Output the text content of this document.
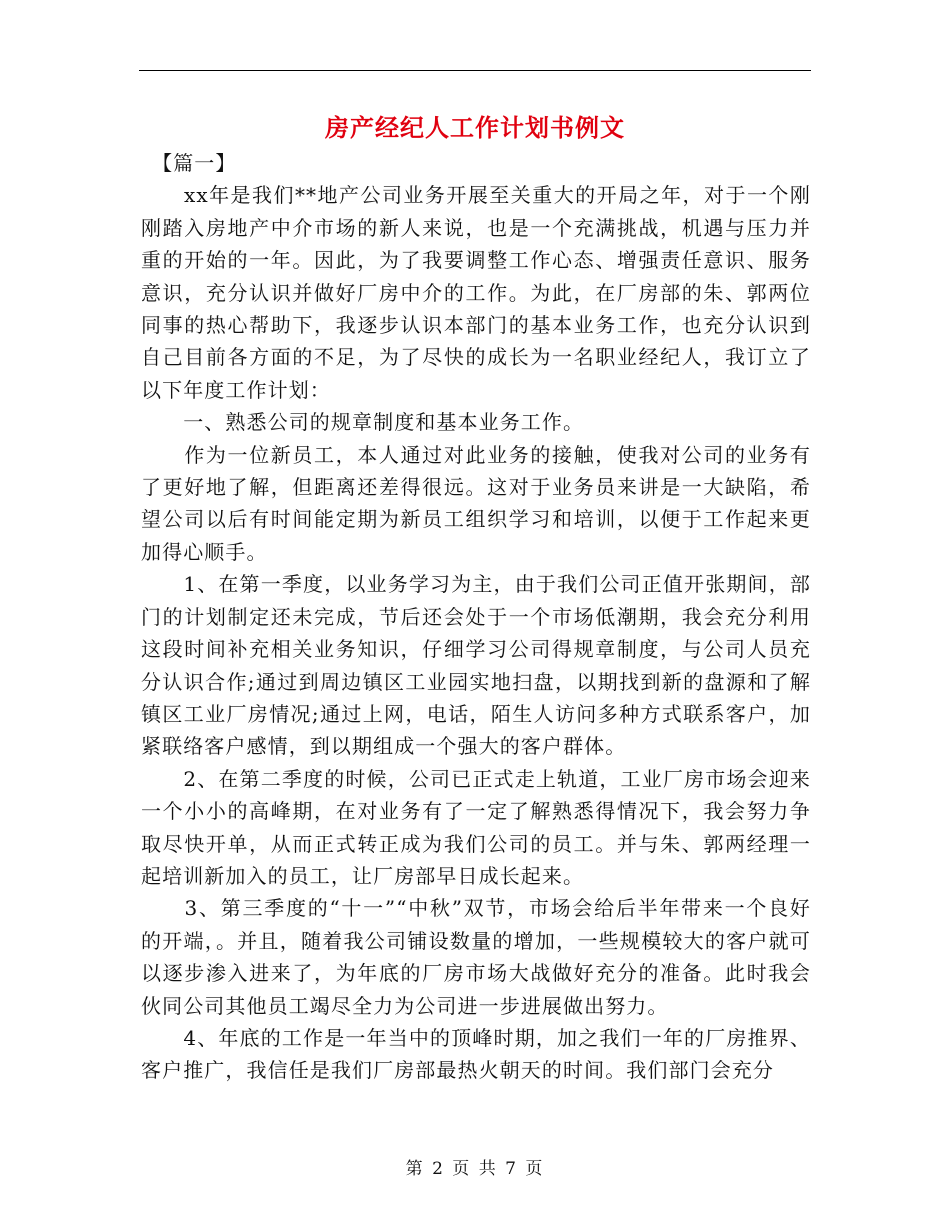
房产经纪人工作计划书例文

　【篇一】

　　xx年是我们**地产公司业务开展至关重大的开局之年，对于一个刚刚踏入房地产中介市场的新人来说，也是一个充满挑战，机遇与压力并重的开始的一年。因此，为了我要调整工作心态、增强责任意识、服务意识，充分认识并做好厂房中介的工作。为此，在厂房部的朱、郭两位同事的热心帮助下，我逐步认识本部门的基本业务工作，也充分认识到自己目前各方面的不足，为了尽快的成长为一名职业经纪人，我订立了以下年度工作计划：

　　一、熟悉公司的规章制度和基本业务工作。

　　作为一位新员工，本人通过对此业务的接触，使我对公司的业务有了更好地了解，但距离还差得很远。这对于业务员来讲是一大缺陷，希望公司以后有时间能定期为新员工组织学习和培训，以便于工作起来更加得心顺手。

　　1、在第一季度，以业务学习为主，由于我们公司正值开张期间，部门的计划制定还未完成，节后还会处于一个市场低潮期，我会充分利用这段时间补充相关业务知识，仔细学习公司得规章制度，与公司人员充分认识合作;通过到周边镇区工业园实地扫盘，以期找到新的盘源和了解镇区工业厂房情况;通过上网，电话，陌生人访问多种方式联系客户，加紧联络客户感情，到以期组成一个强大的客户群体。

　　2、在第二季度的时候，公司已正式走上轨道，工业厂房市场会迎来一个小小的高峰期，在对业务有了一定了解熟悉得情况下，我会努力争取尽快开单，从而正式转正成为我们公司的员工。并与朱、郭两经理一起培训新加入的员工，让厂房部早日成长起来。

　　3、第三季度的“十一”“中秋”双节，市场会给后半年带来一个良好的开端，。并且，随着我公司铺设数量的增加，一些规模较大的客户就可以逐步渗入进来了，为年底的厂房市场大战做好充分的准备。此时我会伙同公司其他员工竭尽全力为公司进一步进展做出努力。

　　4、年底的工作是一年当中的顶峰时期，加之我们一年的厂房推界、客户推广，我信任是我们厂房部最热火朝天的时间。我们部门会充分

第 2 页 共 7 页
